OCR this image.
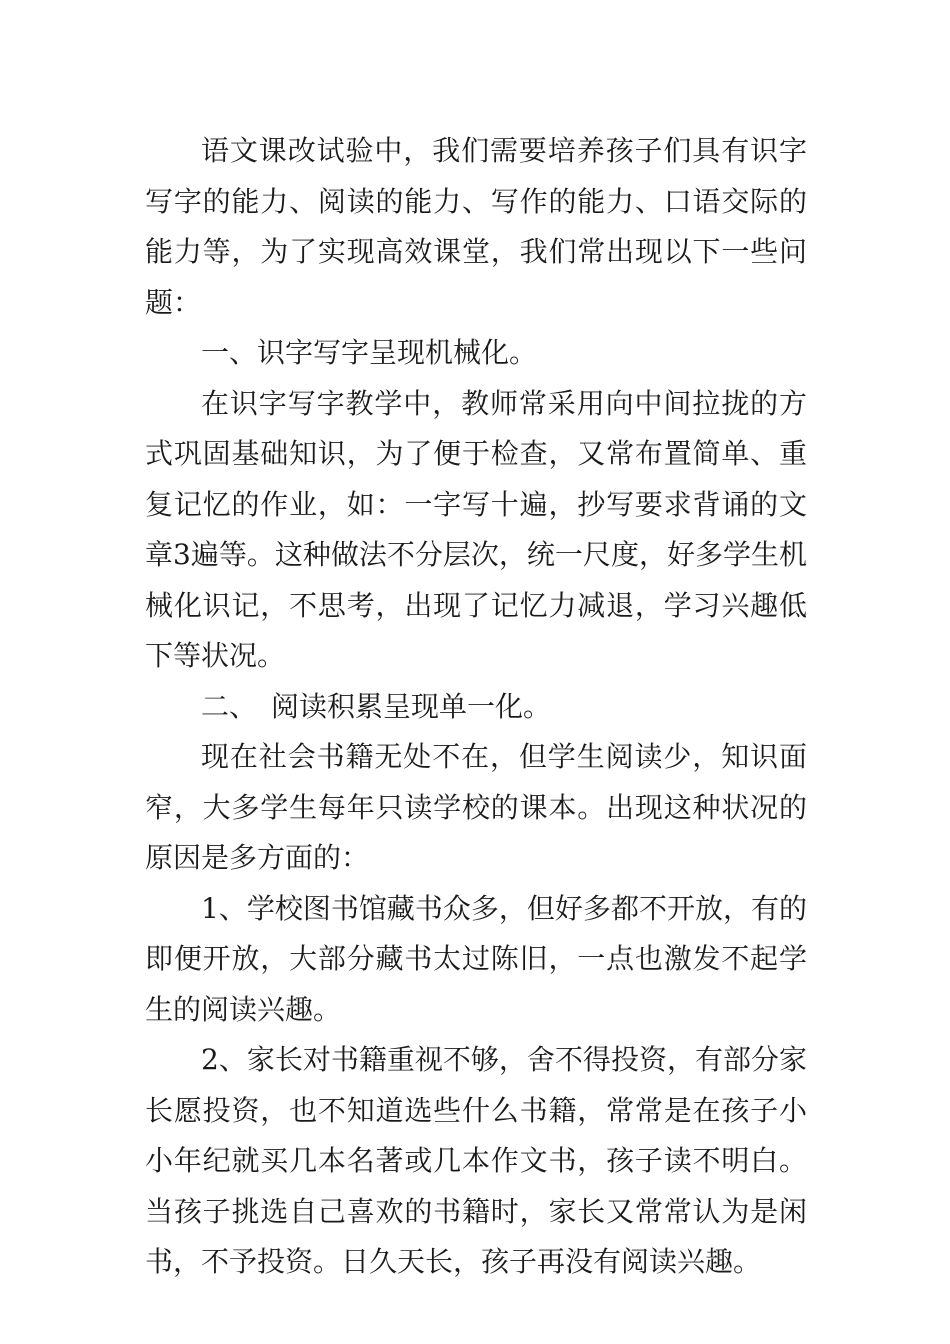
语文课改试验中，我们需要培养孩子们具有识字写字的能力、阅读的能力、写作的能力、口语交际的能力等，为了实现高效课堂，我们常出现以下一些问题：

一、识字写字呈现机械化。

在识字写字教学中，教师常采用向中间拉拢的方式巩固基础知识，为了便于检查，又常布置简单、重复记忆的作业，如：一字写十遍，抄写要求背诵的文章3遍等。这种做法不分层次，统一尺度，好多学生机械化识记，不思考，出现了记忆力减退，学习兴趣低下等状况。

二、　阅读积累呈现单一化。

现在社会书籍无处不在，但学生阅读少，知识面窄，大多学生每年只读学校的课本。出现这种状况的原因是多方面的：

1、学校图书馆藏书众多，但好多都不开放，有的即便开放，大部分藏书太过陈旧，一点也激发不起学生的阅读兴趣。

2、家长对书籍重视不够，舍不得投资，有部分家长愿投资，也不知道选些什么书籍，常常是在孩子小小年纪就买几本名著或几本作文书，孩子读不明白。当孩子挑选自己喜欢的书籍时，家长又常常认为是闲书，不予投资。日久天长，孩子再没有阅读兴趣。
